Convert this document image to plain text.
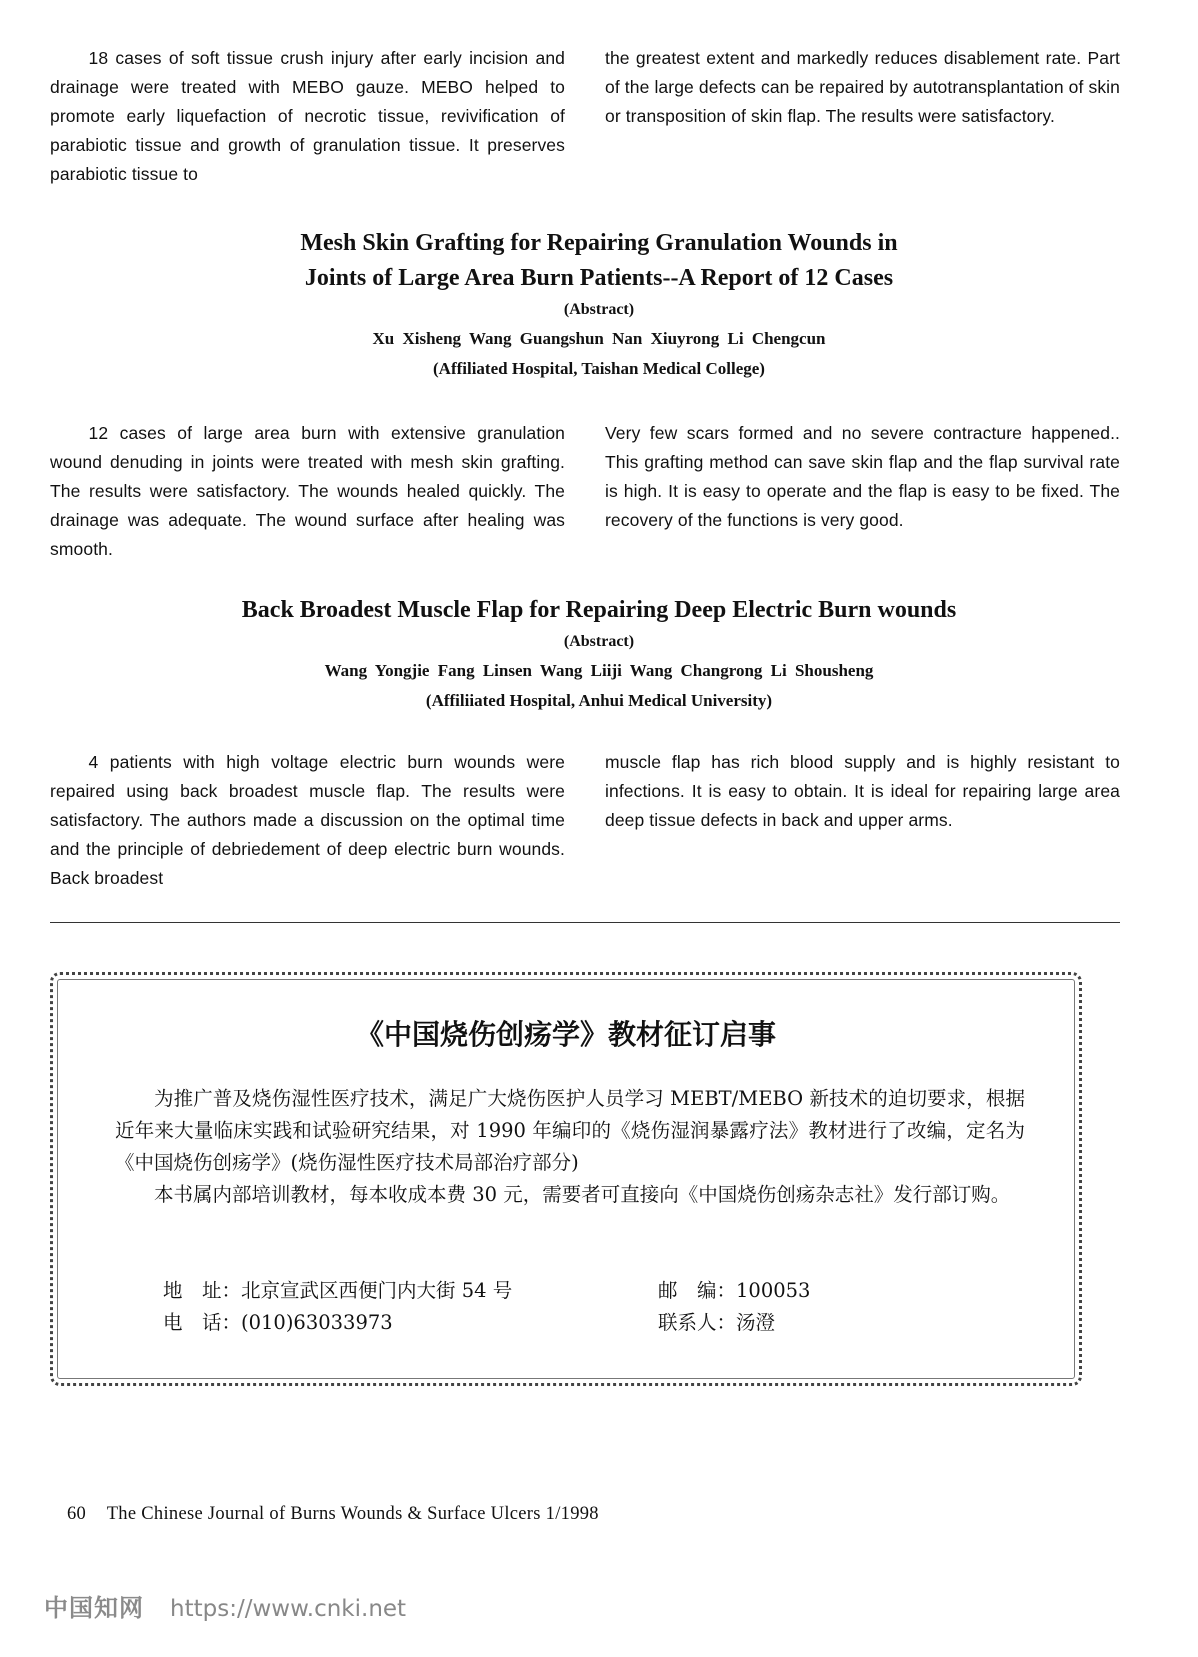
18 cases of soft tissue crush injury after early incision and drainage were treated with MEBO gauze. MEBO helped to promote early liquefaction of necrotic tissue, revivification of parabiotic tissue and growth of granulation tissue. It preserves parabiotic tissue to

the greatest extent and markedly reduces disablement rate. Part of the large defects can be repaired by autotransplantation of skin or transposition of skin flap. The results were satisfactory.

Mesh Skin Grafting for Repairing Granulation Wounds in
Joints of Large Area Burn Patients--A Report of 12 Cases
(Abstract)
Xu Xisheng Wang Guangshun Nan Xiuyrong Li Chengcun
(Affiliated Hospital, Taishan Medical College)

12 cases of large area burn with extensive granulation wound denuding in joints were treated with mesh skin grafting. The results were satisfactory. The wounds healed quickly. The drainage was adequate. The wound surface after healing was smooth.

Very few scars formed and no severe contracture happened.. This grafting method can save skin flap and the flap survival rate is high. It is easy to operate and the flap is easy to be fixed. The recovery of the functions is very good.

Back Broadest Muscle Flap for Repairing Deep Electric Burn wounds
(Abstract)
Wang Yongjie Fang Linsen Wang Liiji Wang Changrong Li Shousheng
(Affiliiated Hospital, Anhui Medical University)

4 patients with high voltage electric burn wounds were repaired using back broadest muscle flap. The results were satisfactory. The authors made a discussion on the optimal time and the principle of debriedement of deep electric burn wounds. Back broadest

muscle flap has rich blood supply and is highly resistant to infections. It is easy to obtain. It is ideal for repairing large area deep tissue defects in back and upper arms.

《中国烧伤创疡学》教材征订启事

为推广普及烧伤湿性医疗技术，满足广大烧伤医护人员学习 MEBT/MEBO 新技术的迫切要求，根据近年来大量临床实践和试验研究结果，对 1990 年编印的《烧伤湿润暴露疗法》教材进行了改编，定名为《中国烧伤创疡学》(烧伤湿性医疗技术局部治疗部分)

本书属内部培训教材，每本收成本费 30 元，需要者可直接向《中国烧伤创疡杂志社》发行部订购。

地　址：北京宣武区西便门内大街 54 号	邮　编：100053
电　话：(010)63033973	联系人：汤澄
60 The Chinese Journal of Burns Wounds & Surface Ulcers 1/1998
中国知网 https://www.cnki.net
